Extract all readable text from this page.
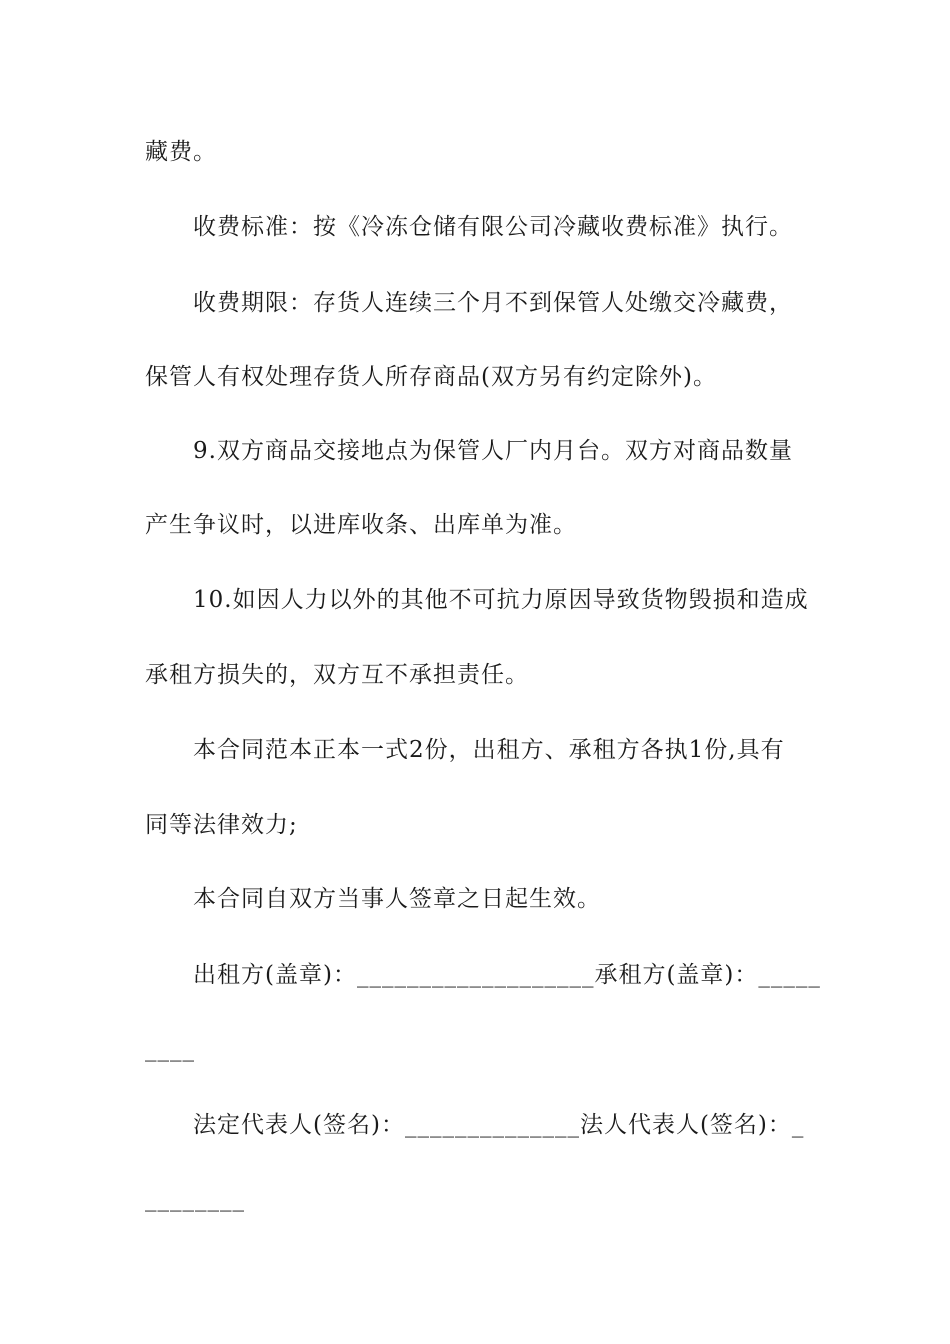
藏费。
收费标准：按《冷冻仓储有限公司冷藏收费标准》执行。
收费期限：存货人连续三个月不到保管人处缴交冷藏费，
保管人有权处理存货人所存商品(双方另有约定除外)。
9.双方商品交接地点为保管人厂内月台。双方对商品数量
产生争议时，以进库收条、出库单为准。
10.如因人力以外的其他不可抗力原因导致货物毁损和造成
承租方损失的，双方互不承担责任。
本合同范本正本一式2份，出租方、承租方各执1份,具有
同等法律效力;
本合同自双方当事人签章之日起生效。
出租方(盖章)：___________________承租方(盖章)：_____
____
法定代表人(签名)：______________法人代表人(签名)：_
________
